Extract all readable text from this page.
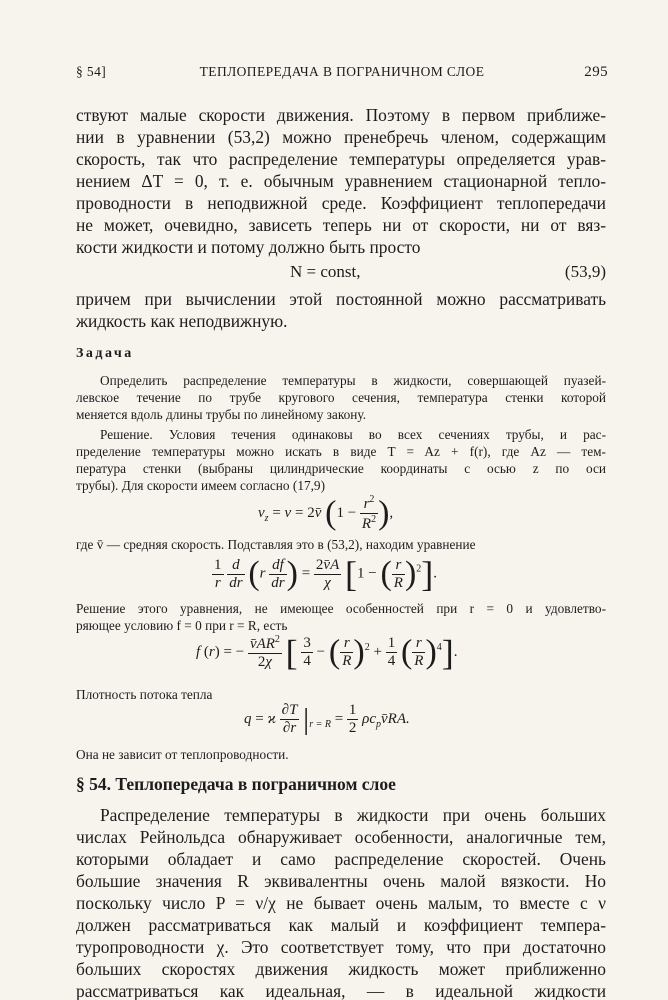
§ 54]	ТЕПЛОПЕРЕДАЧА В ПОГРАНИЧНОМ СЛОЕ	295
ствуют малые скорости движения. Поэтому в первом приближе-
нии в уравнении (53,2) можно пренебречь членом, содержащим
скорость, так что распределение температуры определяется урав-
нением ΔT = 0, т. е. обычным уравнением стационарной тепло-
проводности в неподвижной среде. Коэффициент теплопередачи
не может, очевидно, зависеть теперь ни от скорости, ни от вяз-
кости жидкости и потому должно быть просто
N = const,	(53,9)
причем при вычислении этой постоянной можно рассматривать
жидкость как неподвижную.
Задача
Определить распределение температуры в жидкости, совершающей пуазей-
левское течение по трубе кругового сечения, температура стенки которой
меняется вдоль длины трубы по линейному закону.
Решение. Условия течения одинаковы во всех сечениях трубы, и рас-
пределение температуры можно искать в виде T = Az + f(r), где Az — тем-
пература стенки (выбраны цилиндрические координаты с осью z по оси
трубы). Для скорости имеем согласно (17,9)
$v_z = v$ = 2v̄ ($1 - \frac{r^2}{R^2}$ ),
где v̄ — средняя скорость. Подставляя это в (53,2), находим уравнение
$\frac{1}{r}$
$\frac{d}{dr} (r \frac{df}{dr}$ ) = $\frac{2v̄A}{\chi} [1$ − ( $\frac{r}{R} )^2$].
Решение этого уравнения, не имеющее особенностей при r = 0 и удовлетво-
ряющее условию f = 0 при r = R, есть
f (r) = − $\frac{v̄AR^2}{2\chi}$ [ $\frac{3}{4}$ − ( $\frac{r}{R} )^2 + \frac{1}{4}$ ( $\frac{r}{R} )^4$].
Плотность потока тепла
q = ϰ $\frac{\partial T}{\partial r} |_{r = R} = \frac{1}{2}$ $\rho c_pv̄RA$.
Она не зависит от теплопроводности.
§ 54. Теплопередача в пограничном слое
Распределение температуры в жидкости при очень больших
числах Рейнольдса обнаруживает особенности, аналогичные тем,
которыми обладает и само распределение скоростей. Очень
большие значения R эквивалентны очень малой вязкости. Но
поскольку число P = ν/χ не бывает очень малым, то вместе с ν
должен рассматриваться как малый и коэффициент темпера-
туропроводности χ. Это соответствует тому, что при достаточно
больших скоростях движения жидкость может приближенно
рассматриваться как идеальная, — в идеальной жидкости
